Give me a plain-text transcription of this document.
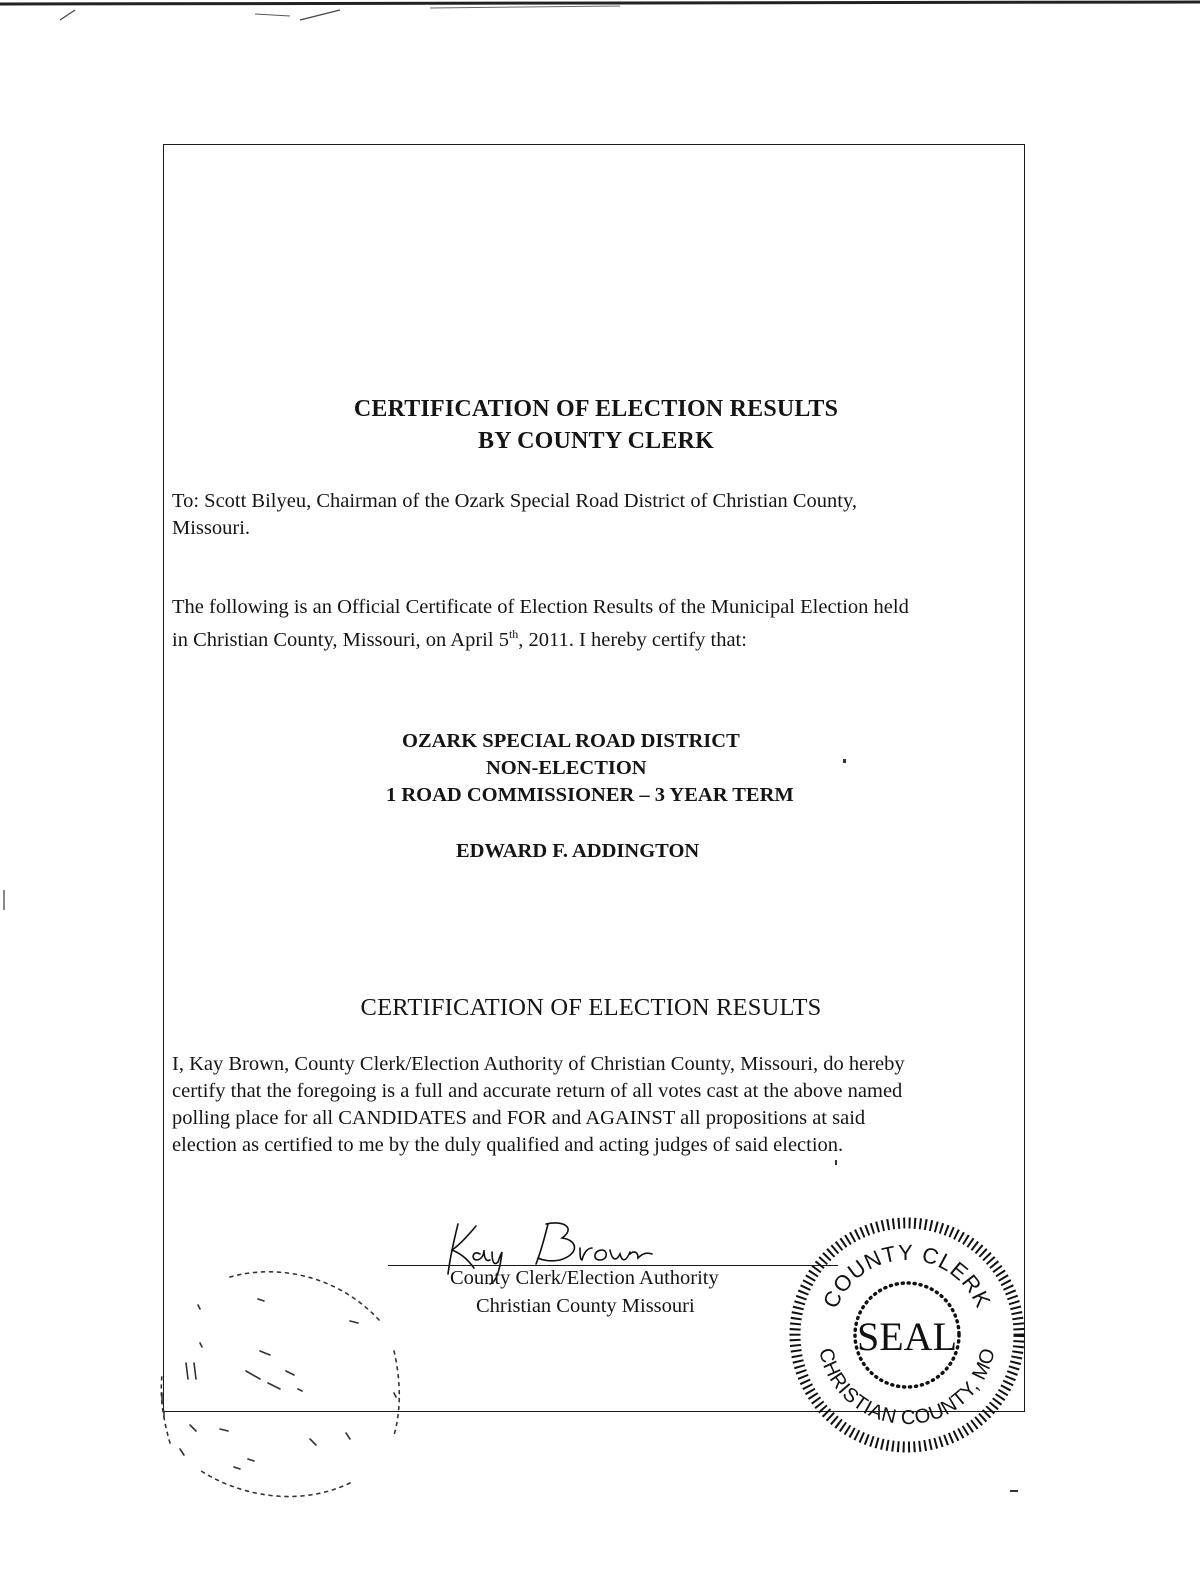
CERTIFICATION OF ELECTION RESULTS
BY COUNTY CLERK
To: Scott Bilyeu, Chairman of the Ozark Special Road District of Christian County,
Missouri.
The following is an Official Certificate of Election Results of the Municipal Election held
in Christian County, Missouri, on April 5th, 2011. I hereby certify that:
OZARK SPECIAL ROAD DISTRICT
NON-ELECTION
1 ROAD COMMISSIONER – 3 YEAR TERM
EDWARD F. ADDINGTON
CERTIFICATION OF ELECTION RESULTS
I, Kay Brown, County Clerk/Election Authority of Christian County, Missouri, do hereby
certify that the foregoing is a full and accurate return of all votes cast at the above named
polling place for all CANDIDATES and FOR and AGAINST all propositions at said
election as certified to me by the duly qualified and acting judges of said election.
Kay Brown
County Clerk/Election Authority
Christian County Missouri	COUNTY CLERK
CHRISTIAN COUNTY, MO
SEAL
